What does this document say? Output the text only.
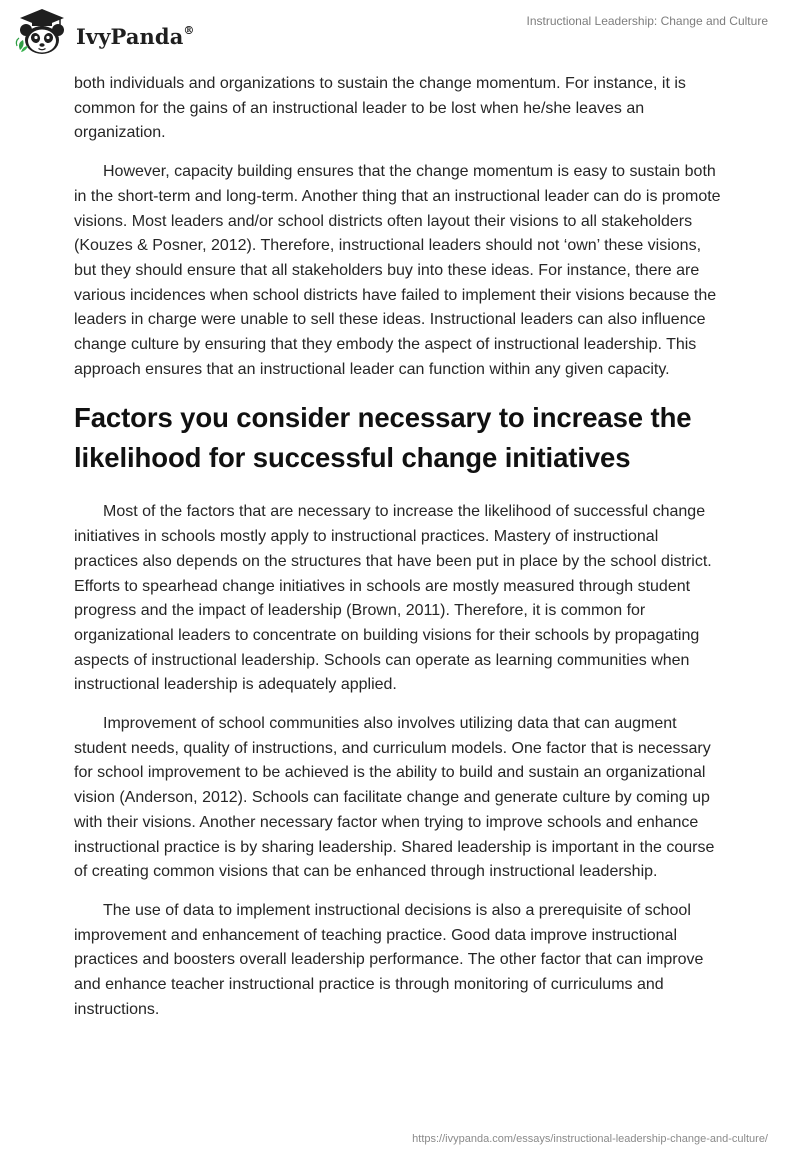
IvyPanda®
Instructional Leadership: Change and Culture

both individuals and organizations to sustain the change momentum. For instance, it is common for the gains of an instructional leader to be lost when he/she leaves an organization.

However, capacity building ensures that the change momentum is easy to sustain both in the short-term and long-term. Another thing that an instructional leader can do is promote visions. Most leaders and/or school districts often layout their visions to all stakeholders (Kouzes & Posner, 2012). Therefore, instructional leaders should not ‘own’ these visions, but they should ensure that all stakeholders buy into these ideas. For instance, there are various incidences when school districts have failed to implement their visions because the leaders in charge were unable to sell these ideas. Instructional leaders can also influence change culture by ensuring that they embody the aspect of instructional leadership. This approach ensures that an instructional leader can function within any given capacity.

Factors you consider necessary to increase the likelihood for successful change initiatives

Most of the factors that are necessary to increase the likelihood of successful change initiatives in schools mostly apply to instructional practices. Mastery of instructional practices also depends on the structures that have been put in place by the school district. Efforts to spearhead change initiatives in schools are mostly measured through student progress and the impact of leadership (Brown, 2011). Therefore, it is common for organizational leaders to concentrate on building visions for their schools by propagating aspects of instructional leadership. Schools can operate as learning communities when instructional leadership is adequately applied.

Improvement of school communities also involves utilizing data that can augment student needs, quality of instructions, and curriculum models. One factor that is necessary for school improvement to be achieved is the ability to build and sustain an organizational vision (Anderson, 2012). Schools can facilitate change and generate culture by coming up with their visions. Another necessary factor when trying to improve schools and enhance instructional practice is by sharing leadership. Shared leadership is important in the course of creating common visions that can be enhanced through instructional leadership.

The use of data to implement instructional decisions is also a prerequisite of school improvement and enhancement of teaching practice. Good data improve instructional practices and boosters overall leadership performance. The other factor that can improve and enhance teacher instructional practice is through monitoring of curriculums and instructions.

https://ivypanda.com/essays/instructional-leadership-change-and-culture/
